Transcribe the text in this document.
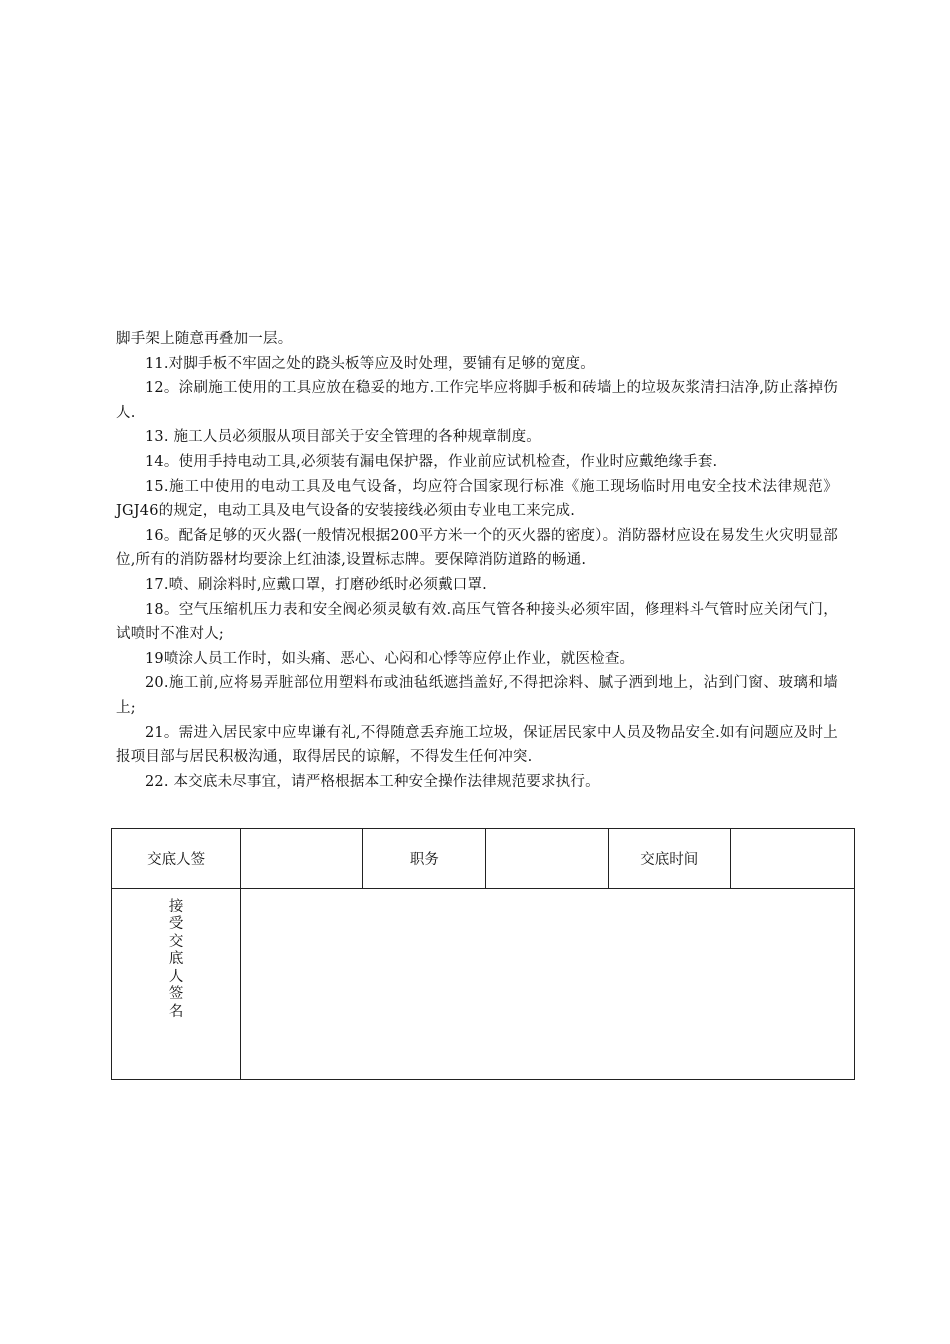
脚手架上随意再叠加一层。

11.对脚手板不牢固之处的跷头板等应及时处理，要铺有足够的宽度。

12。涂刷施工使用的工具应放在稳妥的地方.工作完毕应将脚手板和砖墙上的垃圾灰浆清扫洁净,防止落掉伤人.

13. 施工人员必须服从项目部关于安全管理的各种规章制度。

14。使用手持电动工具,必须装有漏电保护器，作业前应试机检查，作业时应戴绝缘手套.

15.施工中使用的电动工具及电气设备，均应符合国家现行标准《施工现场临时用电安全技术法律规范》JGJ46的规定，电动工具及电气设备的安装接线必须由专业电工来完成.

16。配备足够的灭火器(一般情况根据200平方米一个的灭火器的密度）。消防器材应设在易发生火灾明显部位,所有的消防器材均要涂上红油漆,设置标志牌。要保障消防道路的畅通.

17.喷、刷涂料时,应戴口罩，打磨砂纸时必须戴口罩.

18。空气压缩机压力表和安全阀必须灵敏有效.高压气管各种接头必须牢固，修理料斗气管时应关闭气门，试喷时不准对人;

19喷涂人员工作时，如头痛、恶心、心闷和心悸等应停止作业，就医检查。

20.施工前,应将易弄脏部位用塑料布或油毡纸遮挡盖好,不得把涂料、腻子洒到地上，沾到门窗、玻璃和墙上;

21。需进入居民家中应卑谦有礼,不得随意丢弃施工垃圾，保证居民家中人员及物品安全.如有问题应及时上报项目部与居民积极沟通，取得居民的谅解，不得发生任何冲突.

22. 本交底未尽事宜，请严格根据本工种安全操作法律规范要求执行。

交底人签		职务		交底时间	
接受交底人签名					
